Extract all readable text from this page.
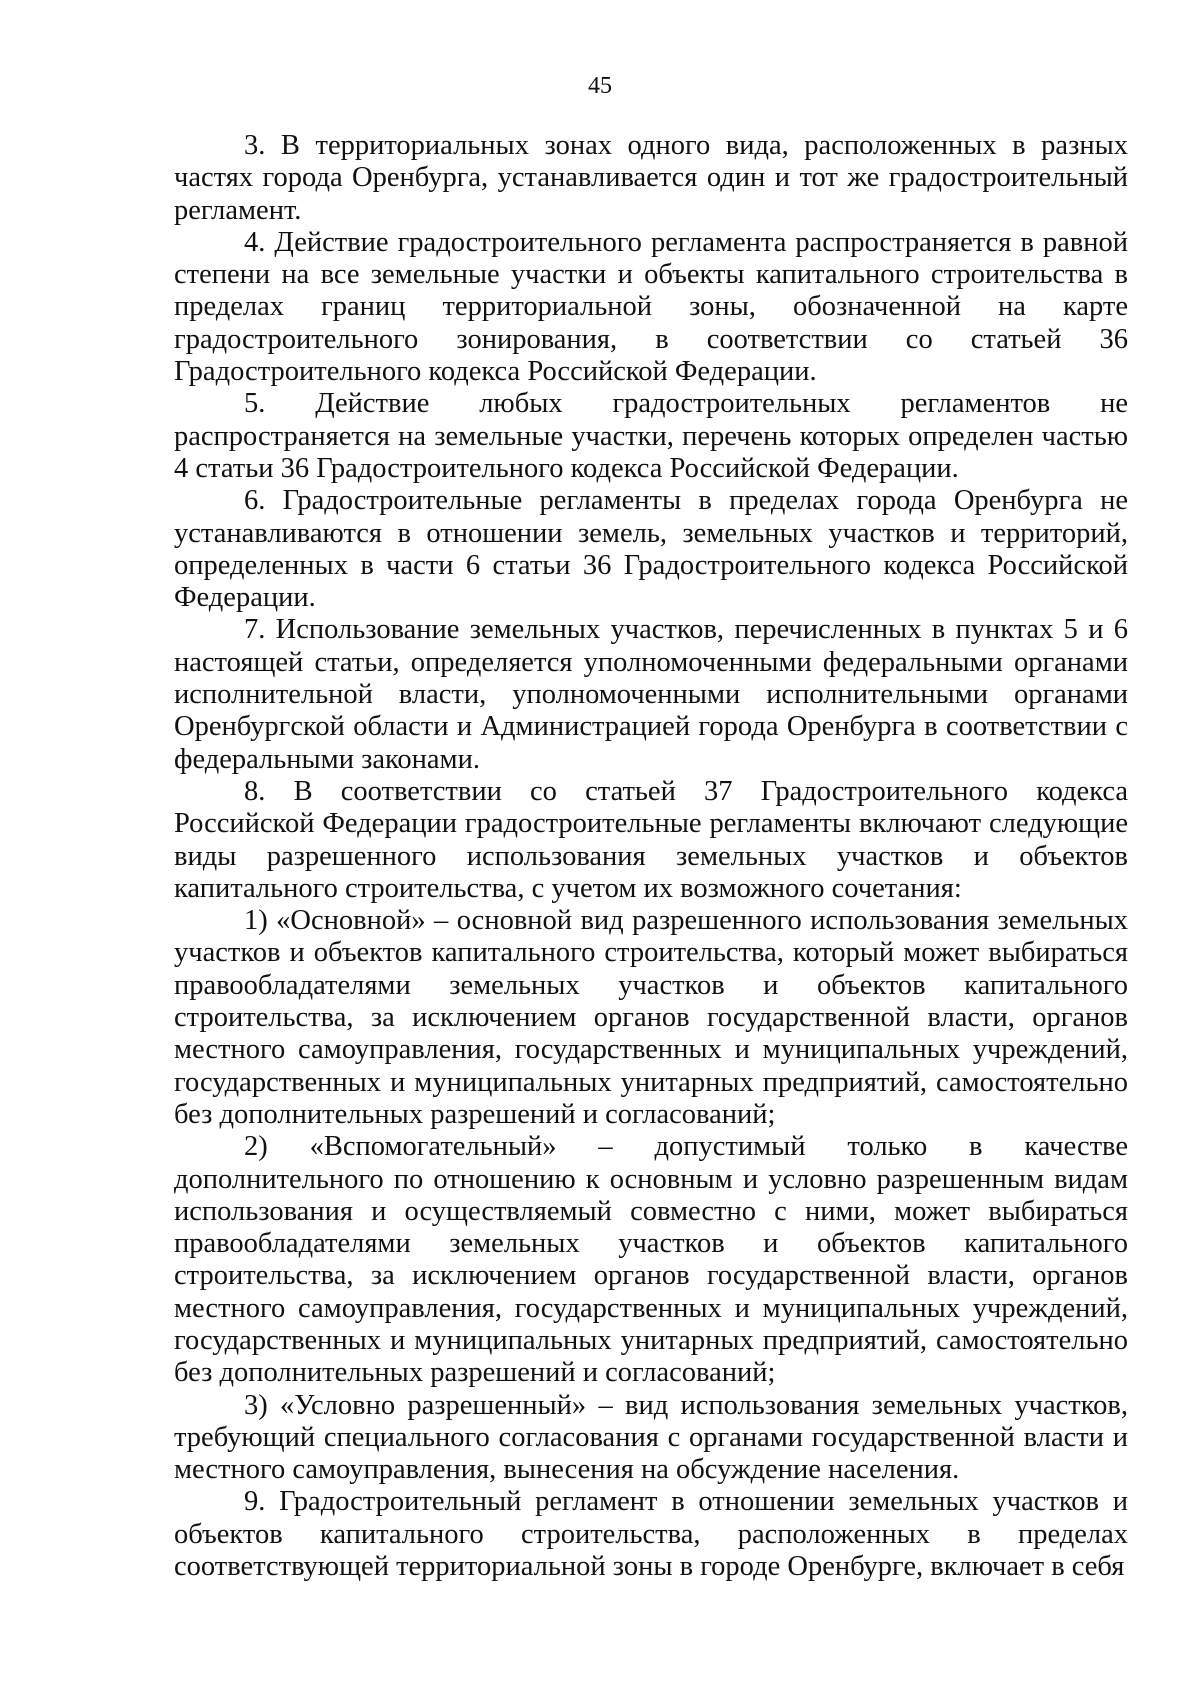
45

3. В территориальных зонах одного вида, расположенных в разных частях города Оренбурга, устанавливается один и тот же градостроительный регламент.

4. Действие градостроительного регламента распространяется в равной степени на все земельные участки и объекты капитального строительства в пределах границ территориальной зоны, обозначенной на карте градостроительного зонирования, в соответствии со статьей 36 Градостроительного кодекса Российской Федерации.

5. Действие любых градостроительных регламентов не распространяется на земельные участки, перечень которых определен частью 4 статьи 36 Градостроительного кодекса Российской Федерации.

6. Градостроительные регламенты в пределах города Оренбурга не устанавливаются в отношении земель, земельных участков и территорий, определенных в части 6 статьи 36 Градостроительного кодекса Российской Федерации.

7. Использование земельных участков, перечисленных в пунктах 5 и 6 настоящей статьи, определяется уполномоченными федеральными органами исполнительной власти, уполномоченными исполнительными органами Оренбургской области и Администрацией города Оренбурга в соответствии с федеральными законами.

8. В соответствии со статьей 37 Градостроительного кодекса Российской Федерации градостроительные регламенты включают следующие виды разрешенного использования земельных участков и объектов капитального строительства, с учетом их возможного сочетания:

1) «Основной» – основной вид разрешенного использования земельных участков и объектов капитального строительства, который может выбираться правообладателями земельных участков и объектов капитального строительства, за исключением органов государственной власти, органов местного самоуправления, государственных и муниципальных учреждений, государственных и муниципальных унитарных предприятий, самостоятельно без дополнительных разрешений и согласований;

2) «Вспомогательный» – допустимый только в качестве дополнительного по отношению к основным и условно разрешенным видам использования и осуществляемый совместно с ними, может выбираться правообладателями земельных участков и объектов капитального строительства, за исключением органов государственной власти, органов местного самоуправления, государственных и муниципальных учреждений, государственных и муниципальных унитарных предприятий, самостоятельно без дополнительных разрешений и согласований;

3) «Условно разрешенный» – вид использования земельных участков, требующий специального согласования с органами государственной власти и местного самоуправления, вынесения на обсуждение населения.

9. Градостроительный регламент в отношении земельных участков и объектов капитального строительства, расположенных в пределах соответствующей территориальной зоны в городе Оренбурге, включает в себя
